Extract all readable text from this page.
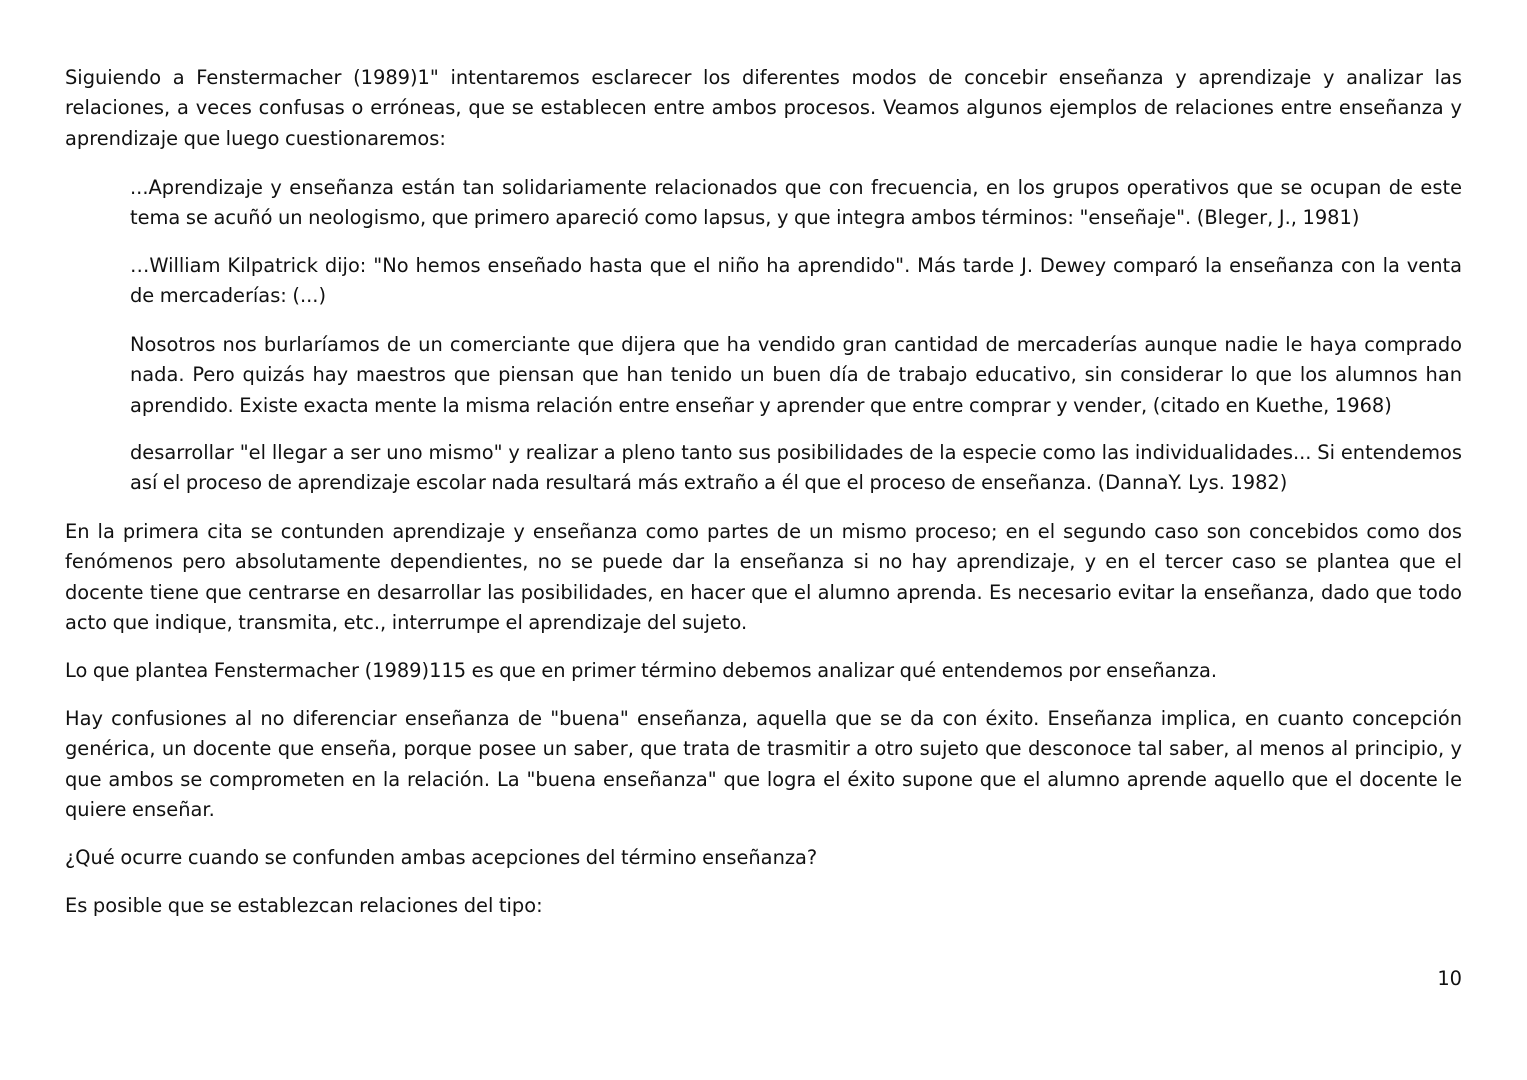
Siguiendo a Fenstermacher (1989)1" intentaremos esclarecer los diferentes modos de concebir enseñanza y aprendizaje y analizar las relaciones, a veces confusas o erróneas, que se establecen entre ambos procesos. Veamos algunos ejemplos de relaciones entre enseñanza y aprendizaje que luego cuestionaremos:

...Aprendizaje y enseñanza están tan solidariamente relacionados que con frecuencia, en los grupos operativos que se ocupan de este tema se acuñó un neologismo, que primero apareció como lapsus, y que integra ambos términos: "enseñaje". (Bleger, J., 1981)

…William Kilpatrick dijo: "No hemos enseñado hasta que el niño ha aprendido". Más tarde J. Dewey comparó la enseñanza con la venta de mercaderías: (...)

Nosotros nos burlaríamos de un comerciante que dijera que ha vendido gran cantidad de mercaderías aunque nadie le haya comprado nada. Pero quizás hay maestros que piensan que han tenido un buen día de trabajo educativo, sin considerar lo que los alumnos han aprendido. Existe exacta mente la misma relación entre enseñar y aprender que entre comprar y vender, (citado en Kuethe, 1968)

desarrollar "el llegar a ser uno mismo" y realizar a pleno tanto sus posibilidades de la especie como las individualidades... Si entendemos así el proceso de aprendizaje escolar nada resultará más extraño a él que el proceso de enseñanza. (DannaY. Lys. 1982)

En la primera cita se contunden aprendizaje y enseñanza como partes de un mismo proceso; en el segundo caso son concebidos como dos fenómenos pero absolutamente dependientes, no se puede dar la enseñanza si no hay aprendizaje, y en el tercer caso se plantea que el docente tiene que centrarse en desarrollar las posibilidades, en hacer que el alumno aprenda. Es necesario evitar la enseñanza, dado que todo acto que indique, transmita, etc., interrumpe el aprendizaje del sujeto.

Lo que plantea Fenstermacher (1989)115 es que en primer término debemos analizar qué entendemos por enseñanza.

Hay confusiones al no diferenciar enseñanza de "buena" enseñanza, aquella que se da con éxito. Enseñanza implica, en cuanto concepción genérica, un docente que enseña, porque posee un saber, que trata de trasmitir a otro sujeto que desconoce tal saber, al menos al principio, y que ambos se comprometen en la relación. La "buena enseñanza" que logra el éxito supone que el alumno aprende aquello que el docente le quiere enseñar.

¿Qué ocurre cuando se confunden ambas acepciones del término enseñanza?

Es posible que se establezcan relaciones del tipo:

10
